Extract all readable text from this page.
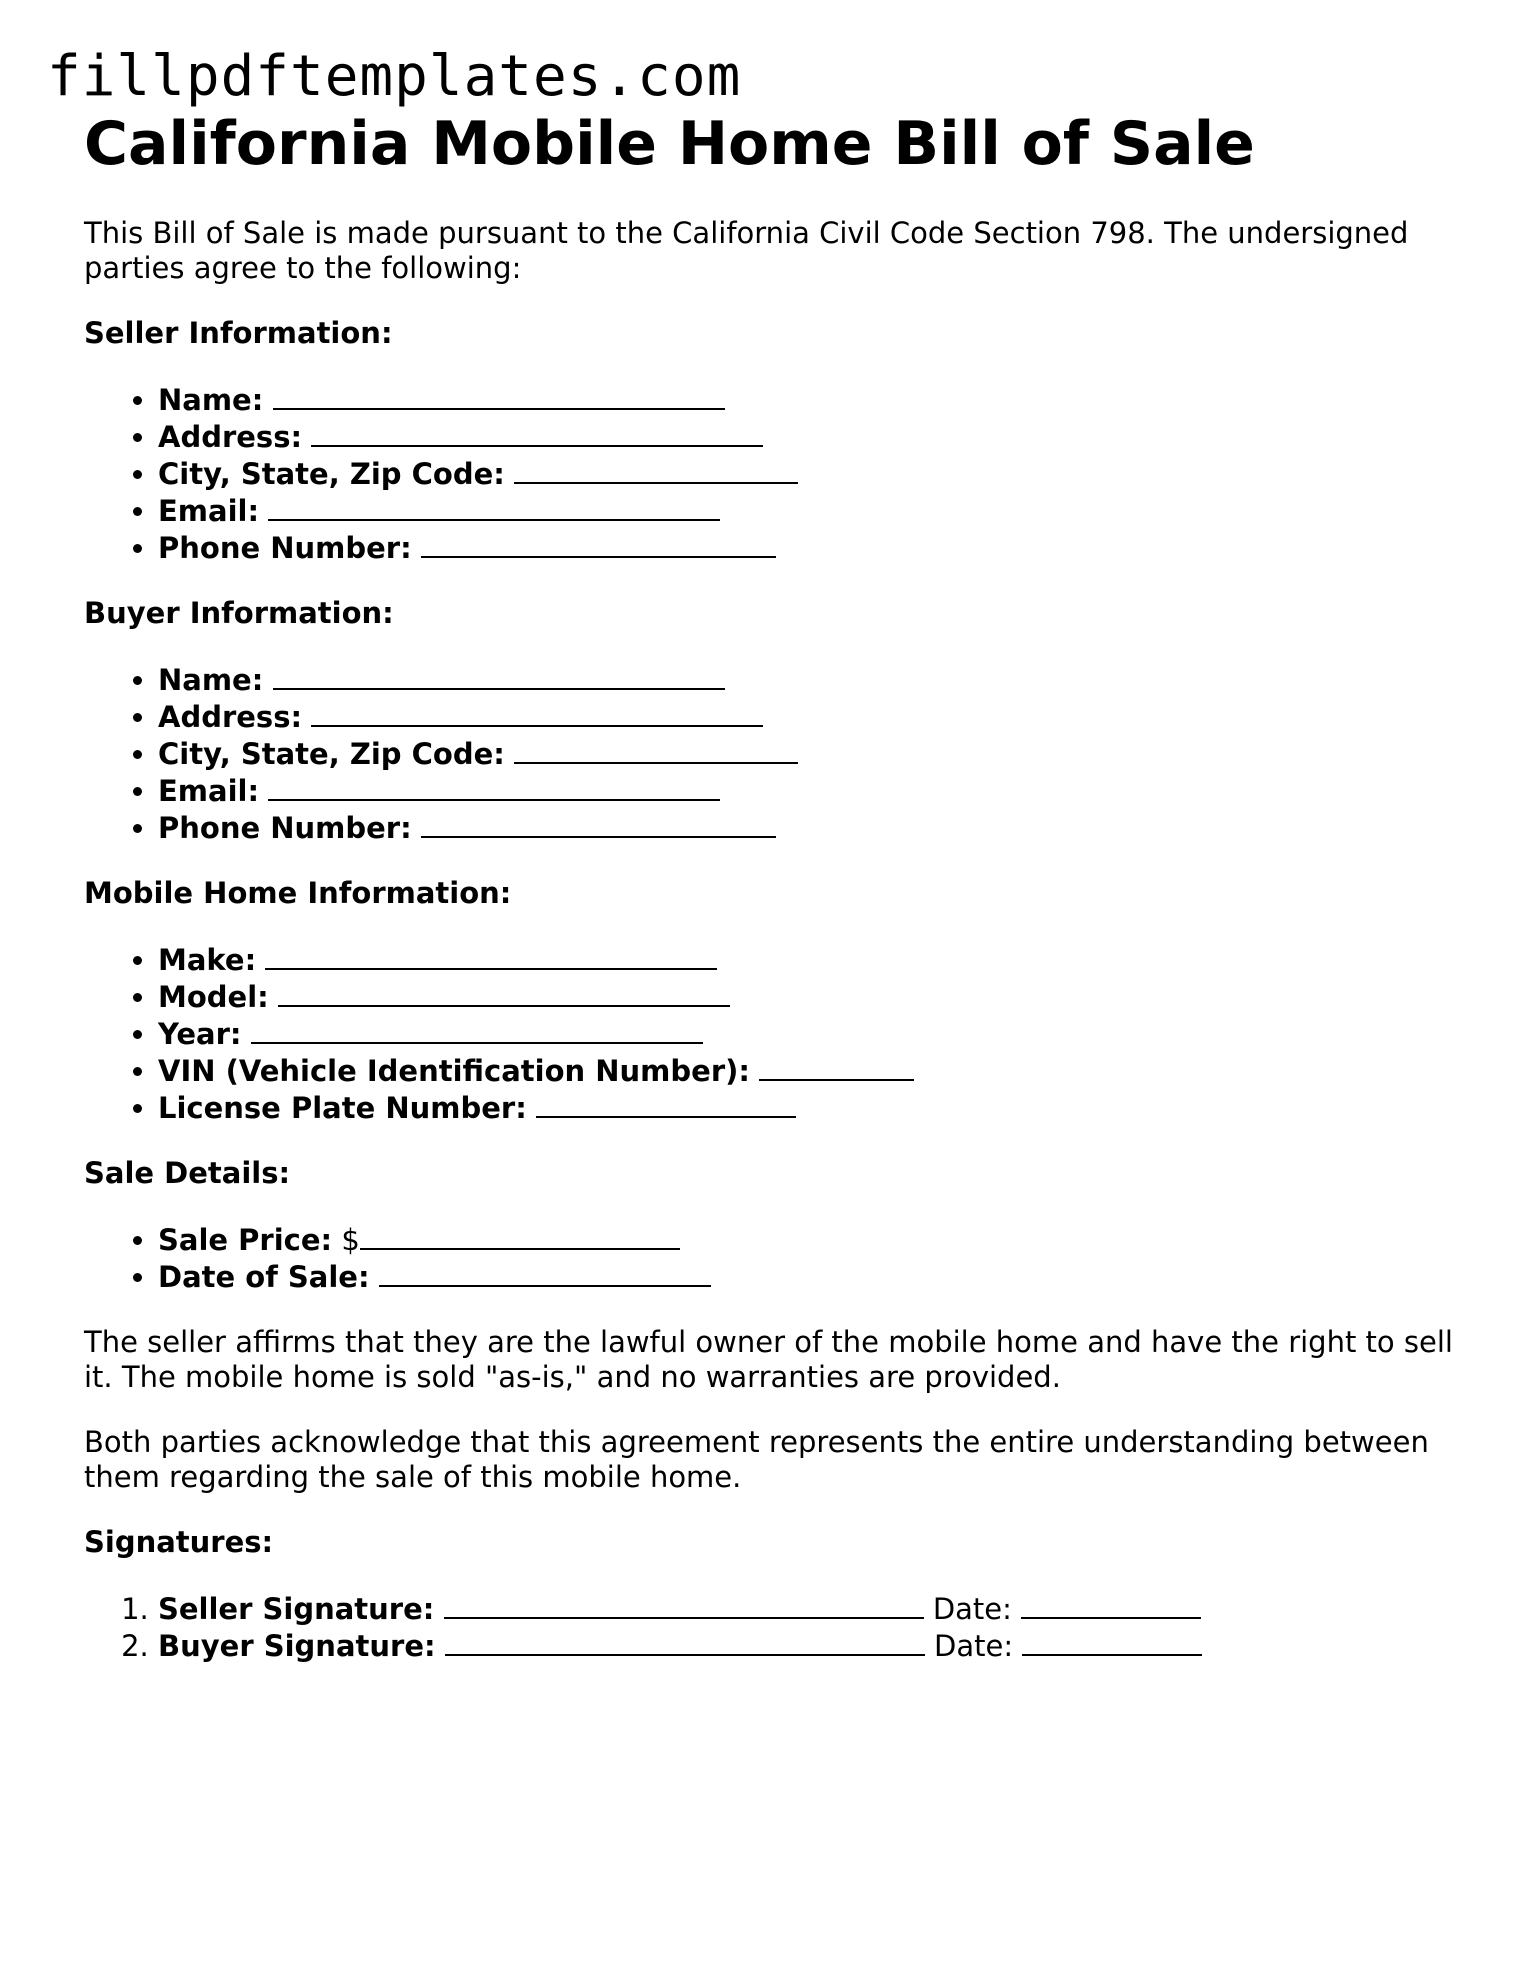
fillpdftemplates.com
California Mobile Home Bill of Sale

This Bill of Sale is made pursuant to the California Civil Code Section 798. The undersigned parties agree to the following:

Seller Information:
• Name:
• Address:
• City, State, Zip Code:
• Email:
• Phone Number:
Buyer Information:
• Name:
• Address:
• City, State, Zip Code:
• Email:
• Phone Number:
Mobile Home Information:
• Make:
• Model:
• Year:
• VIN (Vehicle Identification Number):
• License Plate Number:
Sale Details:
• Sale Price: $
• Date of Sale:

The seller affirms that they are the lawful owner of the mobile home and have the right to sell it. The mobile home is sold "as-is," and no warranties are provided.

Both parties acknowledge that this agreement represents the entire understanding between them regarding the sale of this mobile home.

Signatures:
1. Seller Signature:	Date:
2. Buyer Signature:	Date:
